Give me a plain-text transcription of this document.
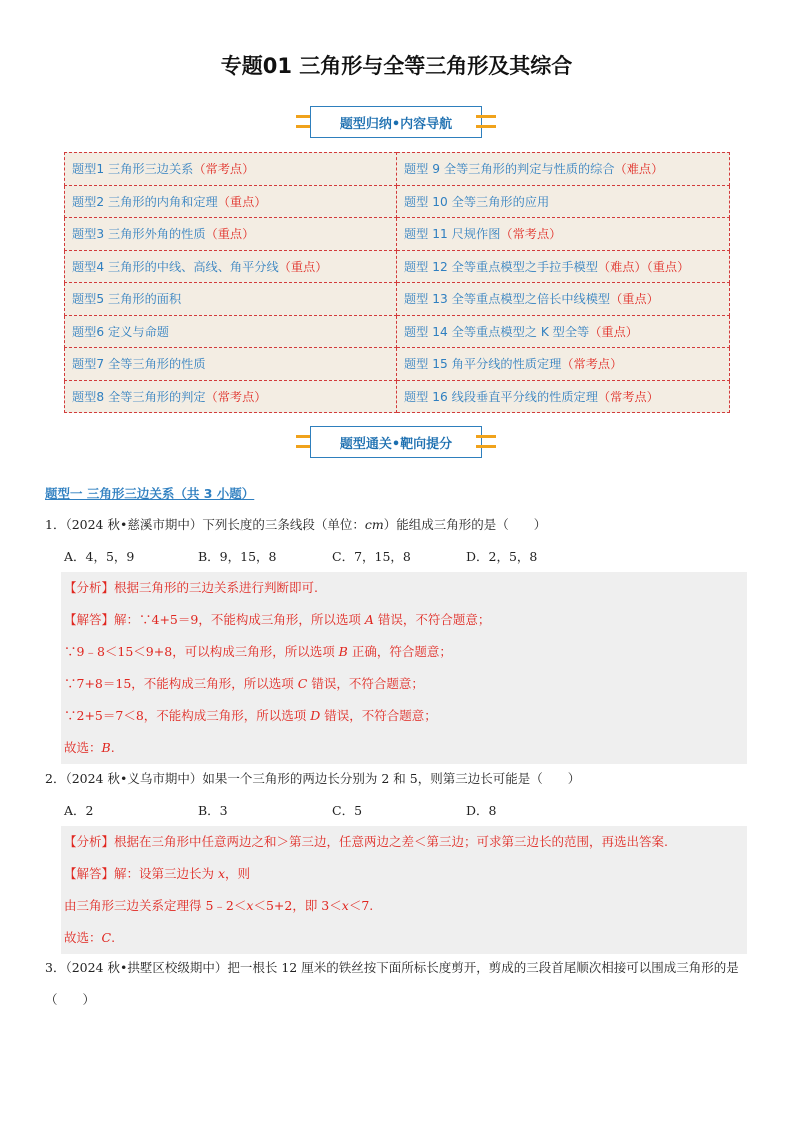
专题01 三角形与全等三角形及其综合
题型归纳•内容导航
题型1 三角形三边关系（常考点）	题型 9 全等三角形的判定与性质的综合（难点）
题型2 三角形的内角和定理（重点）	题型 10 全等三角形的应用
题型3 三角形外角的性质（重点）	题型 11 尺规作图（常考点）
题型4 三角形的中线、高线、角平分线（重点）	题型 12 全等重点模型之手拉手模型（难点）（重点）
题型5 三角形的面积	题型 13 全等重点模型之倍长中线模型（重点）
题型6 定义与命题	题型 14 全等重点模型之 K 型全等（重点）
题型7 全等三角形的性质	题型 15 角平分线的性质定理（常考点）
题型8 全等三角形的判定（常考点）	题型 16 线段垂直平分线的性质定理（常考点）
题型通关•靶向提分
题型一 三角形三边关系（共 3 小题）
1．（2024 秋•慈溪市期中）下列长度的三条线段（单位：cm）能组成三角形的是（　　）
A．4，5，9	B．9，15，8	C．7，15，8	D．2，5，8
【分析】根据三角形的三边关系进行判断即可.
【解答】解：∵4+5＝9，不能构成三角形，所以选项 A 错误，不符合题意；
∵9﹣8＜15＜9+8，可以构成三角形，所以选项 B 正确，符合题意；
∵7+8＝15，不能构成三角形，所以选项 C 错误，不符合题意；
∵2+5＝7＜8，不能构成三角形，所以选项 D 错误，不符合题意；
故选：B.
2．（2024 秋•义乌市期中）如果一个三角形的两边长分别为 2 和 5，则第三边长可能是（　　）
A．2	B．3	C．5	D．8
【分析】根据在三角形中任意两边之和＞第三边，任意两边之差＜第三边；可求第三边长的范围，再选出答案.
【解答】解：设第三边长为 x，则
由三角形三边关系定理得 5﹣2＜x＜5+2，即 3＜x＜7.
故选：C.
3．（2024 秋•拱墅区校级期中）把一根长 12 厘米的铁丝按下面所标长度剪开，剪成的三段首尾顺次相接可以围成三角形的是（　　）
